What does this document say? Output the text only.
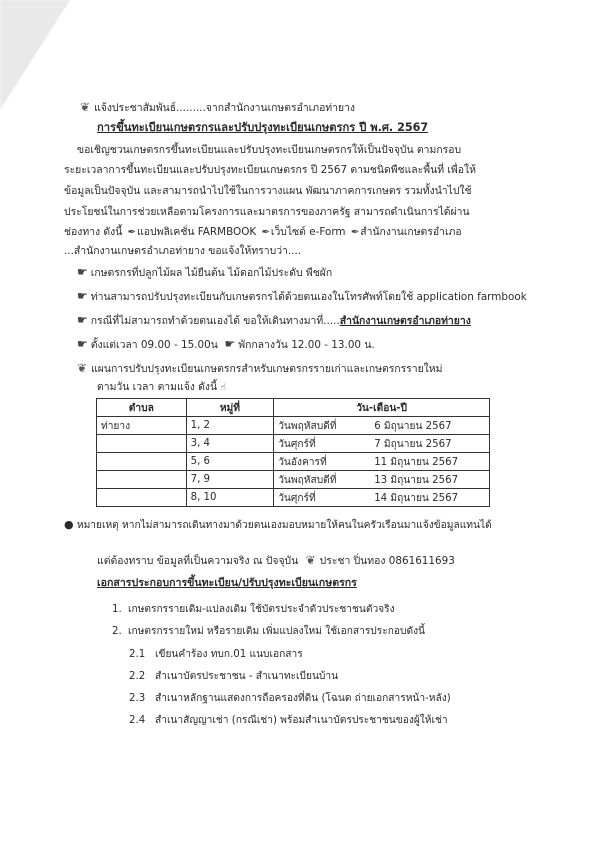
❦ แจ้งประชาสัมพันธ์.........จากสำนักงานเกษตรอำเภอท่ายาง
การขึ้นทะเบียนเกษตรกรและปรับปรุงทะเบียนเกษตรกร ปี พ.ศ. 2567
ขอเชิญชวนเกษตรกรขึ้นทะเบียนและปรับปรุงทะเบียนเกษตรกรให้เป็นปัจจุบัน ตามกรอบ
ระยะเวลาการขึ้นทะเบียนและปรับปรุงทะเบียนเกษตรกร ปี 2567 ตามชนิดพืชและพื้นที่ เพื่อให้
ข้อมูลเป็นปัจจุบัน และสามารถนำไปใช้ในการวางแผน พัฒนาภาคการเกษตร รวมทั้งนำไปใช้
ประโยชน์ในการช่วยเหลือตามโครงการและมาตรการของภาครัฐ สามารถดำเนินการได้ผ่าน
ช่องทาง ดังนี้ ✒แอปพลิเคชั่น FARMBOOK ✒เว็บไซต์ e-Form ✒สำนักงานเกษตรอำเภอ
...สำนักงานเกษตรอำเภอท่ายาง ขอแจ้งให้ทราบว่า....
☛ เกษตรกรที่ปลูกไม้ผล ไม้ยืนต้น ไม้ดอกไม้ประดับ พืชผัก
☛ ท่านสามารถปรับปรุงทะเบียนกับเกษตรกรได้ด้วยตนเองในโทรศัพท์โดยใช้ application farmbook
☛ กรณีที่ไม่สามารถทำด้วยตนเองได้ ขอให้เดินทางมาที่.....สำนักงานเกษตรอำเภอท่ายาง
☛ ตั้งแต่เวลา 09.00 - 15.00น ☛ พักกลางวัน 12.00 - 13.00 น.
❦ แผนการปรับปรุงทะเบียนเกษตรกรสำหรับเกษตรกรรายเก่าและเกษตรกรรายใหม่
ตามวัน เวลา ตามแจ้ง ดังนี้ ☝
ตำบล	หมู่ที่	วัน-เดือน-ปี
ท่ายาง	1, 2	วันพฤหัสบดีที่ 6 มิถุนายน 2567
	3, 4	วันศุกร์ที่ 7 มิถุนายน 2567
	5, 6	วันอังคารที่ 11 มิถุนายน 2567
	7, 9	วันพฤหัสบดีที่ 13 มิถุนายน 2567
	8, 10	วันศุกร์ที่ 14 มิถุนายน 2567
● หมายเหตุ หากไม่สามารถเดินทางมาด้วยตนเองมอบหมายให้คนในครัวเรือนมาแจ้งข้อมูลแทนได้
แต่ต้องทราบ ข้อมูลที่เป็นความจริง ณ ปัจจุบัน ❦ ประชา ปิ่นทอง 0861611693
เอกสารประกอบการขึ้นทะเบียน/ปรับปรุงทะเบียนเกษตรกร
1. เกษตรกรรายเดิม-แปลงเดิม ใช้บัตรประจำตัวประชาชนตัวจริง
2. เกษตรกรรายใหม่ หรือรายเดิม เพิ่มแปลงใหม่ ใช้เอกสารประกอบดังนี้
2.1 เขียนคำร้อง ทบก.01 แนบเอกสาร
2.2 สำเนาบัตรประชาชน - สำเนาทะเบียนบ้าน
2.3 สำเนาหลักฐานแสดงการถือครองที่ดิน (โฉนด ถ่ายเอกสารหน้า-หลัง)
2.4 สำเนาสัญญาเช่า (กรณีเช่า) พร้อมสำเนาบัตรประชาชนของผู้ให้เช่า
